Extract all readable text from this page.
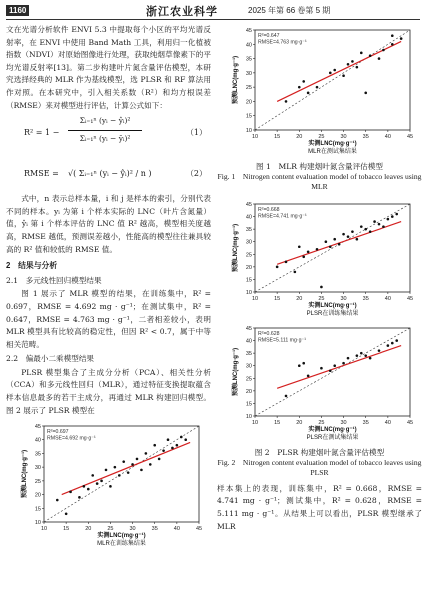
1160	浙江农业科学	2025 年第 66 卷第 5 期

文在光谱分析软件 ENVI 5.3 中提取每个小区的平均光谱反射率，在 ENVI 中使用 Band Math 工具，利用归一化植被指数（NDVI）对原始图像进行处理，获取纯烟草像素下的平均光谱反射率[13]。第二步构建叶片氮含量评估模型，本研究选择经典的 MLR 作为基线模型，选 PLSR 和 RF 算法用作对照。在本研究中，引入相关系数（R²）和均方根误差（RMSE）来对模型进行评估，计算公式如下：

R² = 1 −
Σᵢ₌₁ⁿ (yᵢ − ŷᵢ)²
Σᵢ₌₁ⁿ (yᵢ − ȳᵢ)²
（1）
RMSE = √( Σᵢ₌₁ⁿ (yᵢ − ŷᵢ)² / n )	（2）

式中，n 表示总样本量，i 和 j 是样本的索引，分别代表不同的样本。yᵢ 为第 i 个样本实际的 LNC（叶片含氮量）值，ŷᵢ 第 i 个样本评估的 LNC 值 R² 越高，模型相关度越高，RMSE 越低，预测误差越小，性能高的模型往往兼具较高的 R² 值和较低的 RMSE 值。

2　结果与分析
2.1　多元线性回归模型结果

图 1 展示了 MLR 模型的结果，在训练集中，R² = 0.697，RMSE = 4.692 mg · g⁻¹；在测试集中，R² = 0.647，RMSE = 4.763 mg · g⁻¹，二者相差较小，表明 MLR 模型具有比较高的稳定性，但因 R² < 0.7，属于中等相关范畴。

2.2　偏最小二乘模型结果

PLSR 模型集合了主成分分析（PCA）、相关性分析（CCA）和多元线性回归（MLR），通过特征变换提取蕴含样本信息最多的若干主成分，再通过 MLR 构建回归模型。图 2 展示了 PLSR 模型在

10	15	20	25	30	35	40	45
10
15
20
25
30
35
40
45
R²=0.697
RMSE=4.692 mg·g⁻¹
实测LNC(mg·g⁻¹)
MLR在训练集结果
预测LNC(mg·g⁻¹)
10	15	20	25	30	35	40	45
10
15
20
25
30
35
40
45
R²=0.647
RMSE=4.763 mg·g⁻¹
实测LNC(mg·g⁻¹)
MLR在测试集结果
预测LNC(mg·g⁻¹)
图 1　MLR 构建烟叶氮含量评估模型
Fig. 1　Nitrogen content evaluation model of tobacco leaves using MLR
10	15	20	25	30	35	40	45
10
15
20
25
30
35
40
45
R²=0.668
RMSE=4.741 mg·g⁻¹
实测LNC(mg·g⁻¹)
PLSR在训练集结果
预测LNC(mg·g⁻¹)
10	15	20	25	30	35	40	45
10
15
20
25
30
35
40
45
R²=0.628
RMSE=5.111 mg·g⁻¹
实测LNC(mg·g⁻¹)
PLSR在测试集结果
预测LNC(mg·g⁻¹)
图 2　PLSR 构建烟叶氮含量评估模型
Fig. 2　Nitrogen content evaluation model of tobacco leaves using PLSR

样本集上的表现，训练集中，R² = 0.668，RMSE = 4.741 mg · g⁻¹；测试集中，R² = 0.628，RMSE = 5.111 mg · g⁻¹。从结果上可以看出，PLSR 模型继承了 MLR
